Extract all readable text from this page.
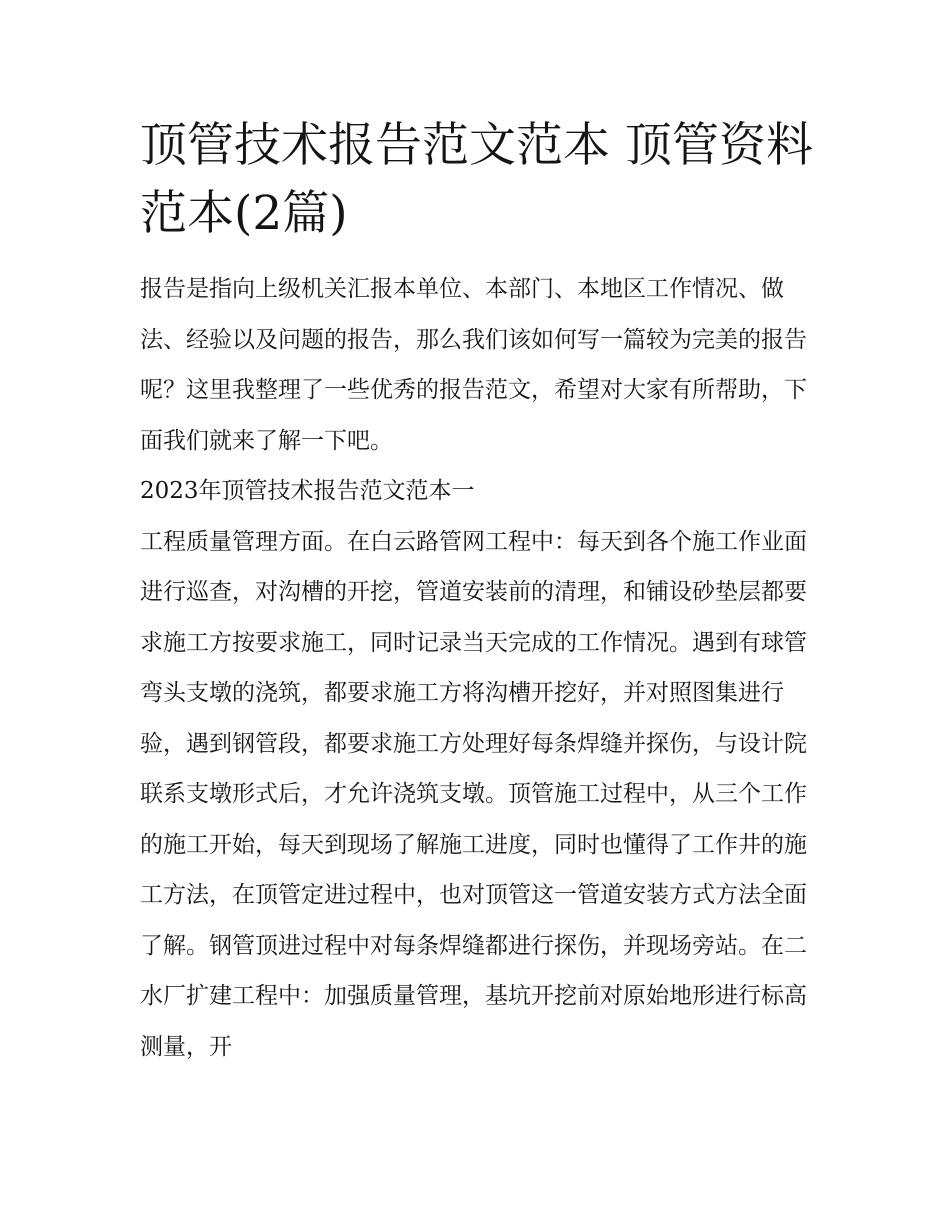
顶管技术报告范文范本 顶管资料范本(2篇)

报告是指向上级机关汇报本单位、本部门、本地区工作情况、做法、经验以及问题的报告，那么我们该如何写一篇较为完美的报告呢？这里我整理了一些优秀的报告范文，希望对大家有所帮助，下面我们就来了解一下吧。

2023年顶管技术报告范文范本一

工程质量管理方面。在白云路管网工程中：每天到各个施工作业面进行巡查，对沟槽的开挖，管道安装前的清理，和铺设砂垫层都要求施工方按要求施工，同时记录当天完成的工作情况。遇到有球管弯头支墩的浇筑，都要求施工方将沟槽开挖好，并对照图集进行验，遇到钢管段，都要求施工方处理好每条焊缝并探伤，与设计院联系支墩形式后，才允许浇筑支墩。顶管施工过程中，从三个工作的施工开始，每天到现场了解施工进度，同时也懂得了工作井的施工方法，在顶管定进过程中，也对顶管这一管道安装方式方法全面了解。钢管顶进过程中对每条焊缝都进行探伤，并现场旁站。在二水厂扩建工程中：加强质量管理，基坑开挖前对原始地形进行标高测量，开
